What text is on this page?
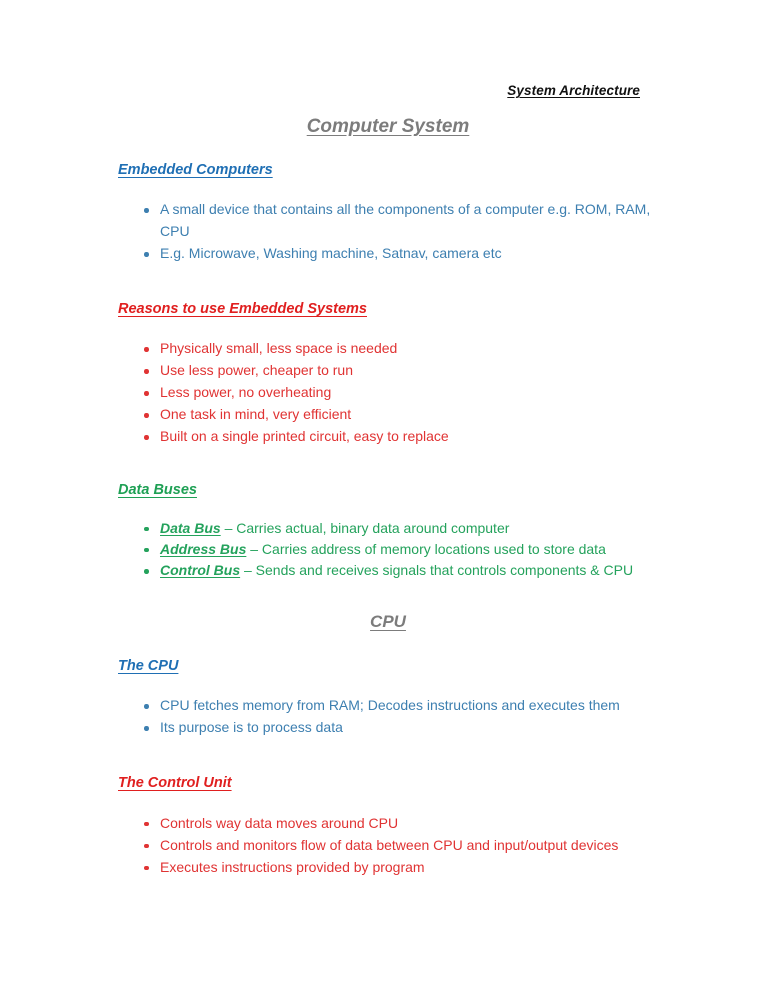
System Architecture
Computer System
Embedded Computers
A small device that contains all the components of a computer e.g. ROM, RAM, CPU
E.g. Microwave, Washing machine, Satnav, camera etc
Reasons to use Embedded Systems
Physically small, less space is needed
Use less power, cheaper to run
Less power, no overheating
One task in mind, very efficient
Built on a single printed circuit, easy to replace
Data Buses
Data Bus – Carries actual, binary data around computer
Address Bus – Carries address of memory locations used to store data
Control Bus – Sends and receives signals that controls components & CPU
CPU
The CPU
CPU fetches memory from RAM; Decodes instructions and executes them
Its purpose is to process data
The Control Unit
Controls way data moves around CPU
Controls and monitors flow of data between CPU and input/output devices
Executes instructions provided by program
